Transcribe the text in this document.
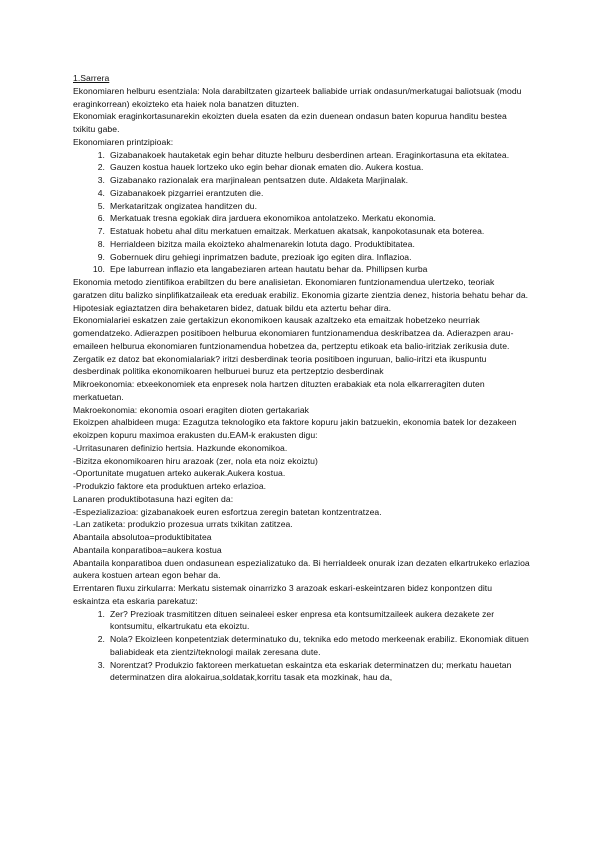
1.Sarrera
Ekonomiaren helburu esentziala: Nola darabiltzaten gizarteek baliabide urriak ondasun/merkatugai baliotsuak (modu eraginkorrean) ekoizteko eta haiek nola banatzen dituzten.
Ekonomiak eraginkortasunarekin ekoizten duela esaten da ezin duenean ondasun baten kopurua handitu bestea txikitu gabe.
Ekonomiaren printzipioak:
1. Gizabanakoek hautaketak egin behar dituzte helburu desberdinen artean. Eraginkortasuna eta ekitatea.
2. Gauzen kostua hauek lortzeko uko egin behar dionak ematen dio. Aukera kostua.
3. Gizabanako razionalak era marjinalean pentsatzen dute. Aldaketa Marjinalak.
4. Gizabanakoek pizgarriei erantzuten die.
5. Merkataritzak ongizatea handitzen du.
6. Merkatuak tresna egokiak dira jarduera ekonomikoa antolatzeko. Merkatu ekonomia.
7. Estatuak hobetu ahal ditu merkatuen emaitzak. Merkatuen akatsak, kanpokotasunak eta boterea.
8. Herrialdeen bizitza maila ekoizteko ahalmenarekin lotuta dago. Produktibitatea.
9. Gobernuek diru gehiegi inprimatzen badute, prezioak igo egiten dira. Inflazioa.
10. Epe laburrean inflazio eta langabeziaren artean hautatu behar da. Phillipsen kurba
Ekonomia metodo zientifikoa erabiltzen du bere analisietan. Ekonomiaren funtzionamendua ulertzeko, teoriak garatzen ditu balizko sinplifikatzaileak eta ereduak erabiliz. Ekonomia gizarte zientzia denez, historia behatu behar da. Hipotesiak egiaztatzen dira behaketaren bidez, datuak bildu eta aztertu behar dira.
Ekonomialariei eskatzen zaie gertakizun ekonomikoen kausak azaltzeko eta emaitzak hobetzeko neurriak gomendatzeko. Adierazpen positiboen helburua ekonomiaren funtzionamendua deskribatzea da. Adierazpen arau-emaileen helburua ekonomiaren funtzionamendua hobetzea da, pertzeptu etikoak eta balio-iritziak zerikusia dute.
Zergatik ez datoz bat ekonomialariak? iritzi desberdinak teoria positiboen inguruan, balio-iritzi eta ikuspuntu desberdinak politika ekonomikoaren helburuei buruz eta pertzeptzio desberdinak
Mikroekonomia: etxeekonomiek eta enpresek nola hartzen dituzten erabakiak eta nola elkarreragiten duten merkatuetan.
Makroekonomia: ekonomia osoari eragiten dioten gertakariak
Ekoizpen ahalbideen muga: Ezagutza teknologiko eta faktore kopuru jakin batzuekin, ekonomia batek lor dezakeen ekoizpen kopuru maximoa erakusten du.EAM-k erakusten digu:
-Urritasunaren definizio hertsia. Hazkunde ekonomikoa.
-Bizitza ekonomikoaren hiru arazoak (zer, nola eta noiz ekoiztu)
-Oportunitate mugatuen arteko aukerak.Aukera kostua.
-Produkzio faktore eta produktuen arteko erlazioa.
Lanaren produktibotasuna hazi egiten da:
-Espezializazioa: gizabanakoek euren esfortzua zeregin batetan kontzentratzea.
-Lan zatiketa: produkzio prozesua urrats txikitan zatitzea.
Abantaila absolutoa=produktibitatea
Abantaila konparatiboa=aukera kostua
Abantaila konparatiboa duen ondasunean espezializatuko da. Bi herrialdeek onurak izan dezaten elkartrukeko erlazioa aukera kostuen artean egon behar da.
Errentaren fluxu zirkularra: Merkatu sistemak oinarrizko 3 arazoak eskari-eskeintzaren bidez konpontzen ditu eskaintza eta eskaria parekatuz:
1. Zer? Prezioak trasmititzen dituen seinaleei esker enpresa eta kontsumitzaileek aukera dezakete zer kontsumitu, elkartrukatu eta ekoiztu.
2. Nola? Ekoizleen konpetentziak determinatuko du, teknika edo metodo merkeenak erabiliz. Ekonomiak dituen baliabideak eta zientzi/teknologi mailak zeresana dute.
3. Norentzat? Produkzio faktoreen merkatuetan eskaintza eta eskariak determinatzen du; merkatu hauetan determinatzen dira alokairua,soldatak,korritu tasak eta mozkinak, hau da,
